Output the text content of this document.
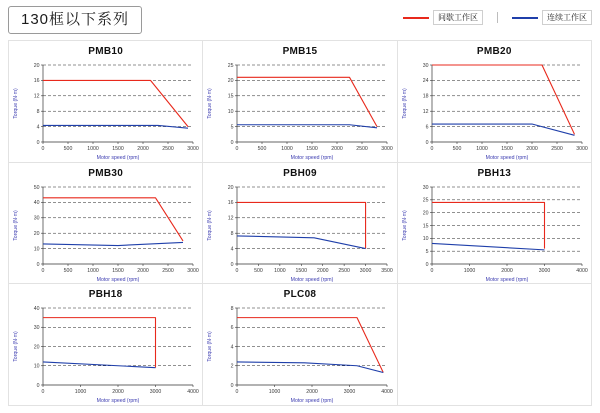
130框以下系列	间歇工作区	连续工作区
PMB10
0
4
8
12
16
20
0	500	1000	1500	2000	2500	3000
Motor speed (rpm)
Torque (N·m)
PMB15
0
5
10
15
20
25
0	500	1000	1500	2000	2500	3000
Motor speed (rpm)
Torque (N·m)
PMB20
0
6
12
18
24
30
0	500	1000	1500	2000	2500	3000
Motor speed (rpm)
Torque (N·m)
PMB30
0
10
20
30
40
50
0	500	1000	1500	2000	2500	3000
Motor speed (rpm)
Torque (N·m)
PBH09
0
4
8
12
16
20
0	500 1000 1500 2000 2500 3000 3500
Motor speed (rpm)
Torque (N·m)
PBH13
0
5
10
15
20
25
30
0	1000	2000	3000	4000
Motor speed (rpm)
Torque (N·m)
PBH18
0
10
20
30
40
0	1000	2000	3000	4000
Motor speed (rpm)
Torque (N·m)
PLC08
0
2
4
6
8
0	1000	2000	3000	4000
Motor speed (rpm)
Torque (N·m)
